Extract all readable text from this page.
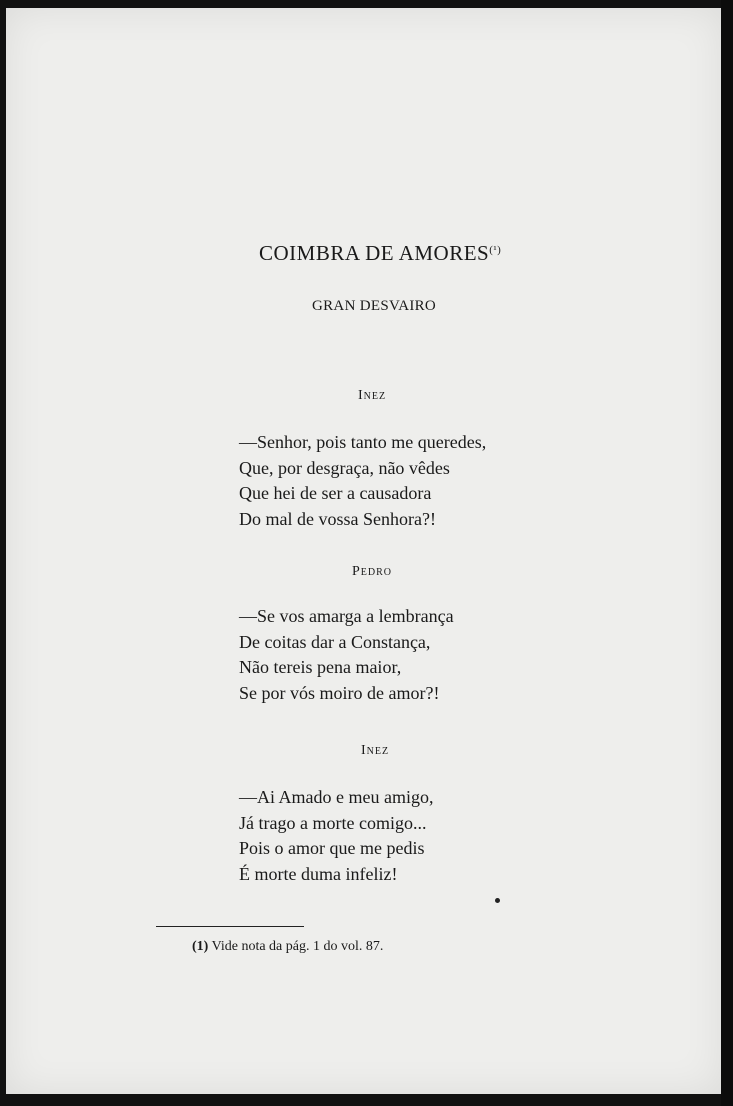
COIMBRA DE $AMORES^{(^1)}$
GRAN DESVAIRO
Inez
—Senhor, pois tanto me queredes,
Que, por desgraça, não vêdes
Que hei de ser a causadora
Do mal de vossa Senhora?!
Pedro
—Se vos amarga a lembrança
De coitas dar a Constança,
Não tereis pena maior,
Se por vós moiro de amor?!
Inez
—Ai Amado e meu amigo,
Já trago a morte comigo...
Pois o amor que me pedis
É morte duma infeliz!
(1) Vide nota da pág. 1 do vol. 87.
